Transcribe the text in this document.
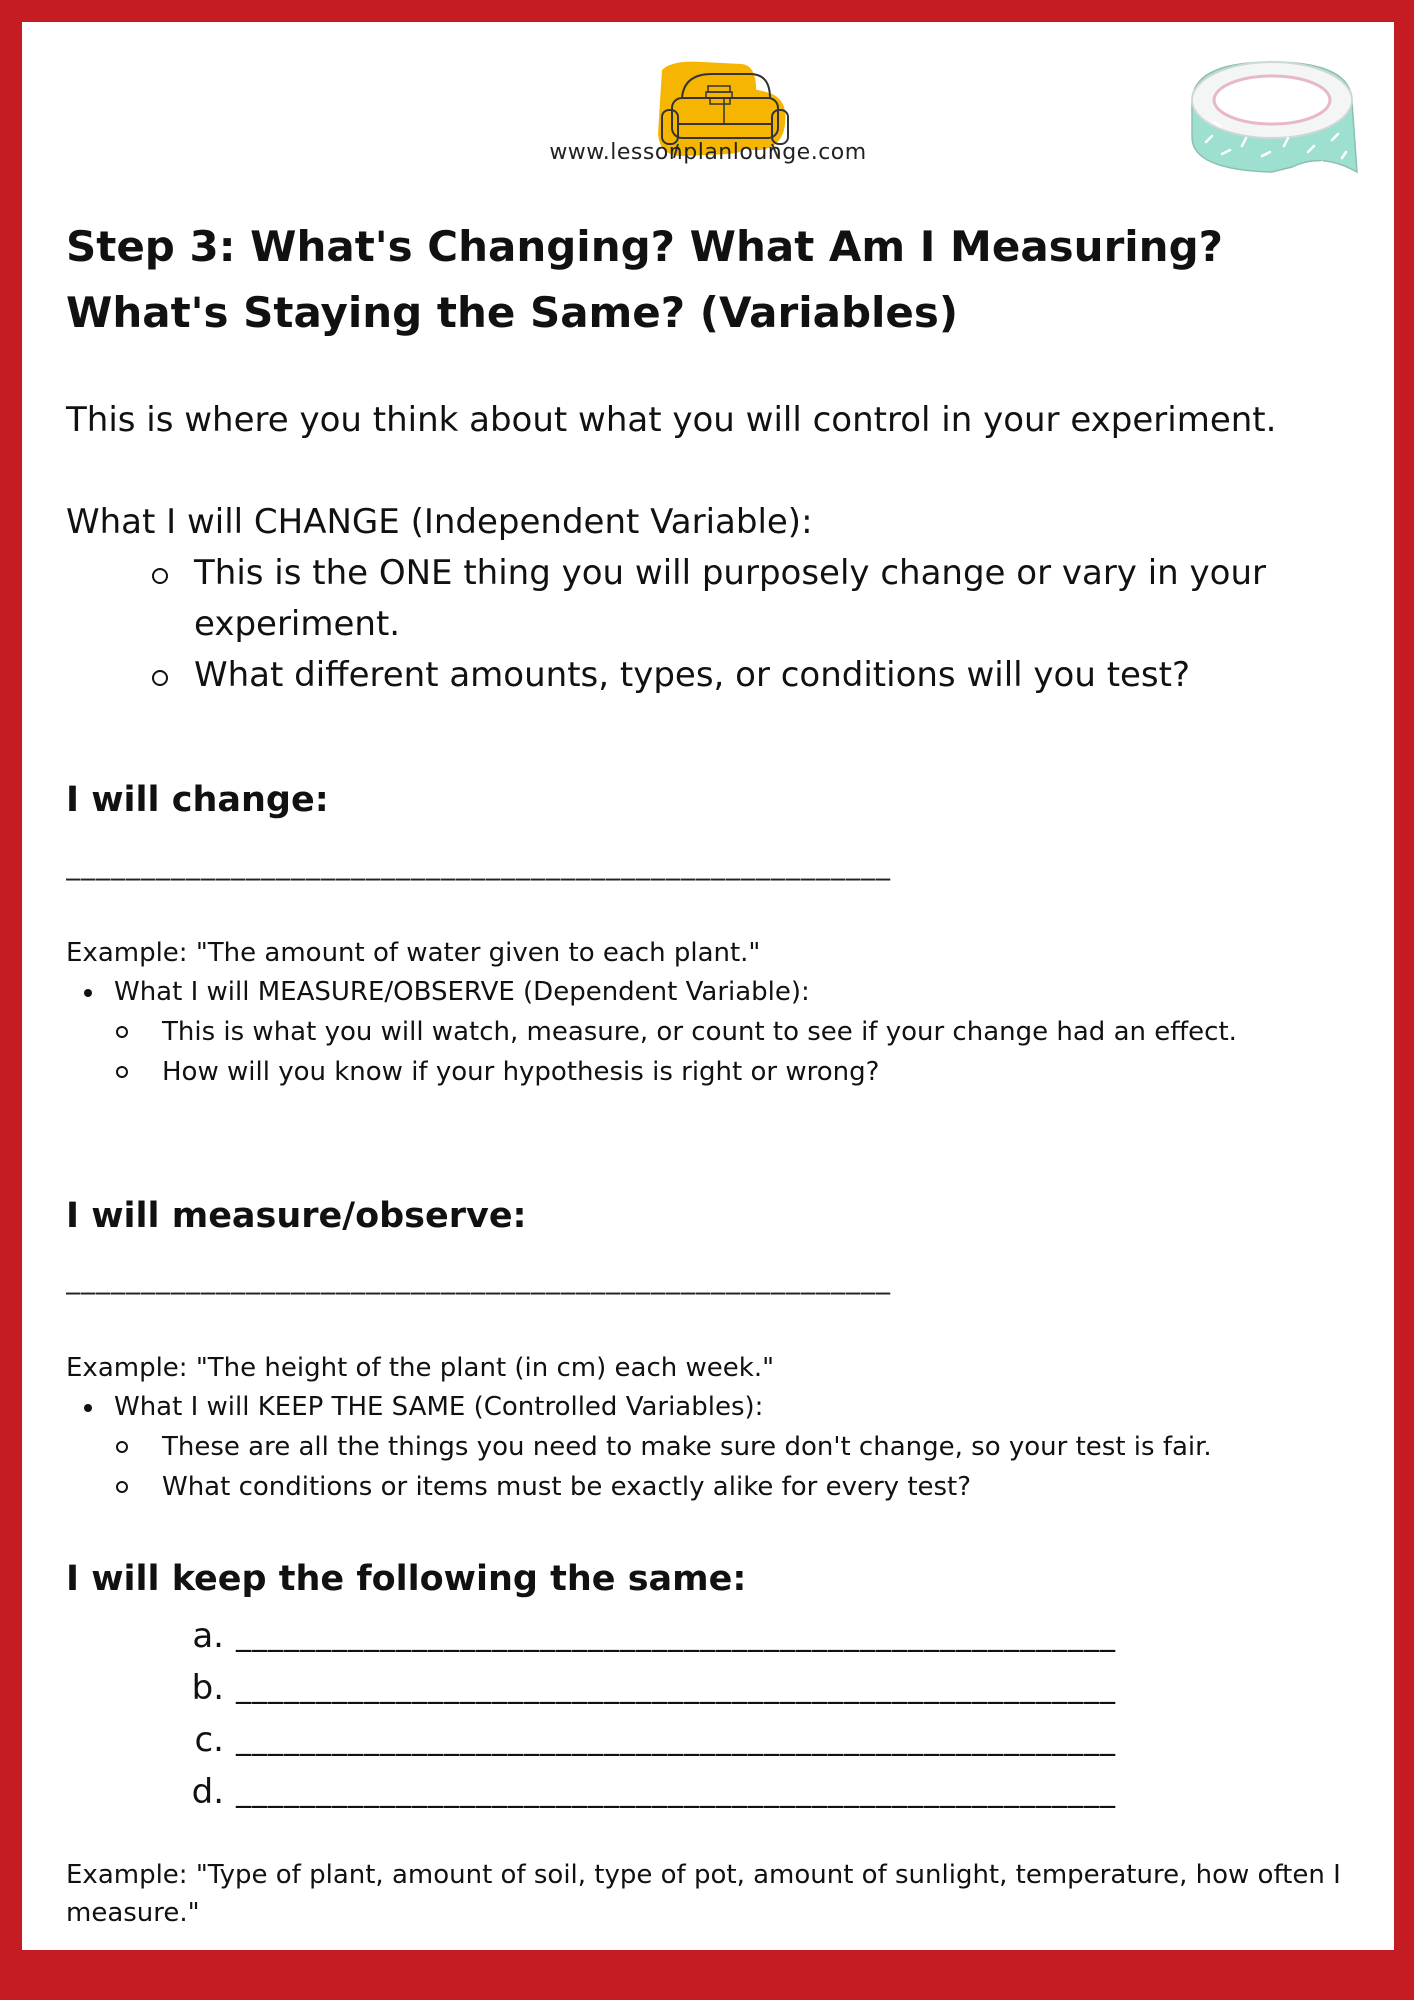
www.lessonplanlounge.com
Step 3: What's Changing? What Am I Measuring? What's Staying the Same? (Variables)

This is where you think about what you will control in your experiment.

What I will CHANGE (Independent Variable):

This is the ONE thing you will purposely change or vary in your experiment.
What different amounts, types, or conditions will you test?

I will change:

_______________________________________________________

Example: "The amount of water given to each plant."

What I will MEASURE/OBSERVE (Dependent Variable):
This is what you will watch, measure, or count to see if your change had an effect.
How will you know if your hypothesis is right or wrong?

I will measure/observe:

_______________________________________________________

Example: "The height of the plant (in cm) each week."

What I will KEEP THE SAME (Controlled Variables):
These are all the things you need to make sure don't change, so your test is fair.
What conditions or items must be exactly alike for every test?

I will keep the following the same:

a. _______________________________________________________
b. _______________________________________________________
c. _______________________________________________________
d. _______________________________________________________

Example: "Type of plant, amount of soil, type of pot, amount of sunlight, temperature, how often I measure."
